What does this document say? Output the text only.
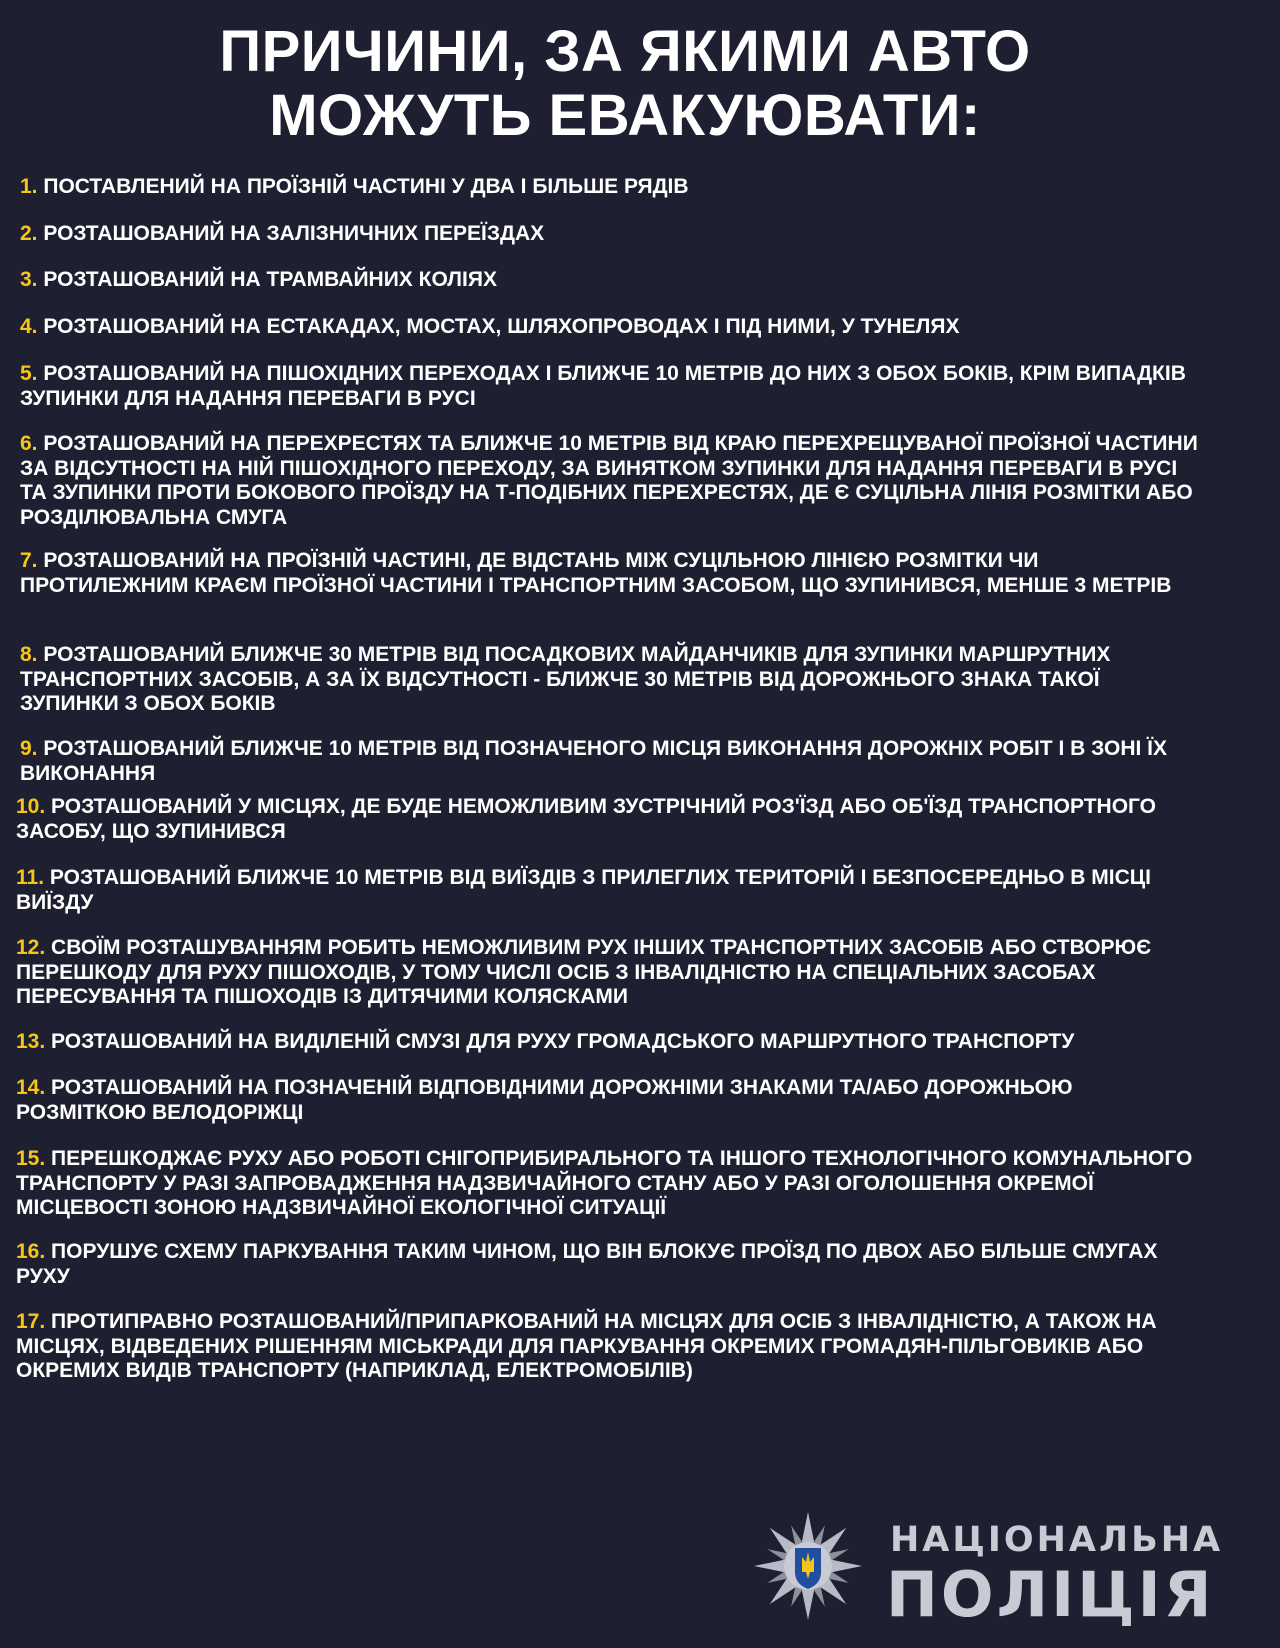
ПРИЧИНИ, ЗА ЯКИМИ АВТО
МОЖУТЬ ЕВАКУЮВАТИ:
1. ПОСТАВЛЕНИЙ НА ПРОЇЗНІЙ ЧАСТИНІ У ДВА І БІЛЬШЕ РЯДІВ
2. РОЗТАШОВАНИЙ НА ЗАЛІЗНИЧНИХ ПЕРЕЇЗДАХ
3. РОЗТАШОВАНИЙ НА ТРАМВАЙНИХ КОЛІЯХ
4. РОЗТАШОВАНИЙ НА ЕСТАКАДАХ, МОСТАХ, ШЛЯХОПРОВОДАХ І ПІД НИМИ, У ТУНЕЛЯХ
5. РОЗТАШОВАНИЙ НА ПІШОХІДНИХ ПЕРЕХОДАХ І БЛИЖЧЕ 10 МЕТРІВ ДО НИХ З ОБОХ БОКІВ, КРІМ ВИПАДКІВ ЗУПИНКИ ДЛЯ НАДАННЯ ПЕРЕВАГИ В РУСІ
6. РОЗТАШОВАНИЙ НА ПЕРЕХРЕСТЯХ ТА БЛИЖЧЕ 10 МЕТРІВ ВІД КРАЮ ПЕРЕХРЕЩУВАНОЇ ПРОЇЗНОЇ ЧАСТИНИ ЗА ВІДСУТНОСТІ НА НІЙ ПІШОХІДНОГО ПЕРЕХОДУ, ЗА ВИНЯТКОМ ЗУПИНКИ ДЛЯ НАДАННЯ ПЕРЕВАГИ В РУСІ ТА ЗУПИНКИ ПРОТИ БОКОВОГО ПРОЇЗДУ НА Т-ПОДІБНИХ ПЕРЕХРЕСТЯХ, ДЕ Є СУЦІЛЬНА ЛІНІЯ РОЗМІТКИ АБО РОЗДІЛЮВАЛЬНА СМУГА
7. РОЗТАШОВАНИЙ НА ПРОЇЗНІЙ ЧАСТИНІ, ДЕ ВІДСТАНЬ МІЖ СУЦІЛЬНОЮ ЛІНІЄЮ РОЗМІТКИ ЧИ ПРОТИЛЕЖНИМ КРАЄМ ПРОЇЗНОЇ ЧАСТИНИ І ТРАНСПОРТНИМ ЗАСОБОМ, ЩО ЗУПИНИВСЯ, МЕНШЕ 3 МЕТРІВ
8. РОЗТАШОВАНИЙ БЛИЖЧЕ 30 МЕТРІВ ВІД ПОСАДКОВИХ МАЙДАНЧИКІВ ДЛЯ ЗУПИНКИ МАРШРУТНИХ ТРАНСПОРТНИХ ЗАСОБІВ, А ЗА ЇХ ВІДСУТНОСТІ - БЛИЖЧЕ 30 МЕТРІВ ВІД ДОРОЖНЬОГО ЗНАКА ТАКОЇ ЗУПИНКИ З ОБОХ БОКІВ
9. РОЗТАШОВАНИЙ БЛИЖЧЕ 10 МЕТРІВ ВІД ПОЗНАЧЕНОГО МІСЦЯ ВИКОНАННЯ ДОРОЖНІХ РОБІТ І В ЗОНІ ЇХ ВИКОНАННЯ
10. РОЗТАШОВАНИЙ У МІСЦЯХ, ДЕ БУДЕ НЕМОЖЛИВИМ ЗУСТРІЧНИЙ РОЗ'ЇЗД АБО ОБ'ЇЗД ТРАНСПОРТНОГО ЗАСОБУ, ЩО ЗУПИНИВСЯ
11. РОЗТАШОВАНИЙ БЛИЖЧЕ 10 МЕТРІВ ВІД ВИЇЗДІВ З ПРИЛЕГЛИХ ТЕРИТОРІЙ І БЕЗПОСЕРЕДНЬО В МІСЦІ ВИЇЗДУ
12. СВОЇМ РОЗТАШУВАННЯМ РОБИТЬ НЕМОЖЛИВИМ РУХ ІНШИХ ТРАНСПОРТНИХ ЗАСОБІВ АБО СТВОРЮЄ ПЕРЕШКОДУ ДЛЯ РУХУ ПІШОХОДІВ, У ТОМУ ЧИСЛІ ОСІБ З ІНВАЛІДНІСТЮ НА СПЕЦІАЛЬНИХ ЗАСОБАХ ПЕРЕСУВАННЯ ТА ПІШОХОДІВ ІЗ ДИТЯЧИМИ КОЛЯСКАМИ
13. РОЗТАШОВАНИЙ НА ВИДІЛЕНІЙ СМУЗІ ДЛЯ РУХУ ГРОМАДСЬКОГО МАРШРУТНОГО ТРАНСПОРТУ
14. РОЗТАШОВАНИЙ НА ПОЗНАЧЕНІЙ ВІДПОВІДНИМИ ДОРОЖНІМИ ЗНАКАМИ ТА/АБО ДОРОЖНЬОЮ РОЗМІТКОЮ ВЕЛОДОРІЖЦІ
15. ПЕРЕШКОДЖАЄ РУХУ АБО РОБОТІ СНІГОПРИБИРАЛЬНОГО ТА ІНШОГО ТЕХНОЛОГІЧНОГО КОМУНАЛЬНОГО ТРАНСПОРТУ У РАЗІ ЗАПРОВАДЖЕННЯ НАДЗВИЧАЙНОГО СТАНУ АБО У РАЗІ ОГОЛОШЕННЯ ОКРЕМОЇ МІСЦЕВОСТІ ЗОНОЮ НАДЗВИЧАЙНОЇ ЕКОЛОГІЧНОЇ СИТУАЦІЇ
16. ПОРУШУЄ СХЕМУ ПАРКУВАННЯ ТАКИМ ЧИНОМ, ЩО ВІН БЛОКУЄ ПРОЇЗД ПО ДВОХ АБО БІЛЬШЕ СМУГАХ РУХУ
17. ПРОТИПРАВНО РОЗТАШОВАНИЙ/ПРИПАРКОВАНИЙ НА МІСЦЯХ ДЛЯ ОСІБ З ІНВАЛІДНІСТЮ, А ТАКОЖ НА МІСЦЯХ, ВІДВЕДЕНИХ РІШЕННЯМ МІСЬКРАДИ ДЛЯ ПАРКУВАННЯ ОКРЕМИХ ГРОМАДЯН-ПІЛЬГОВИКІВ АБО ОКРЕМИХ ВИДІВ ТРАНСПОРТУ (НАПРИКЛАД, ЕЛЕКТРОМОБІЛІВ)
НАЦІОНАЛЬНА
ПОЛІЦІЯ
